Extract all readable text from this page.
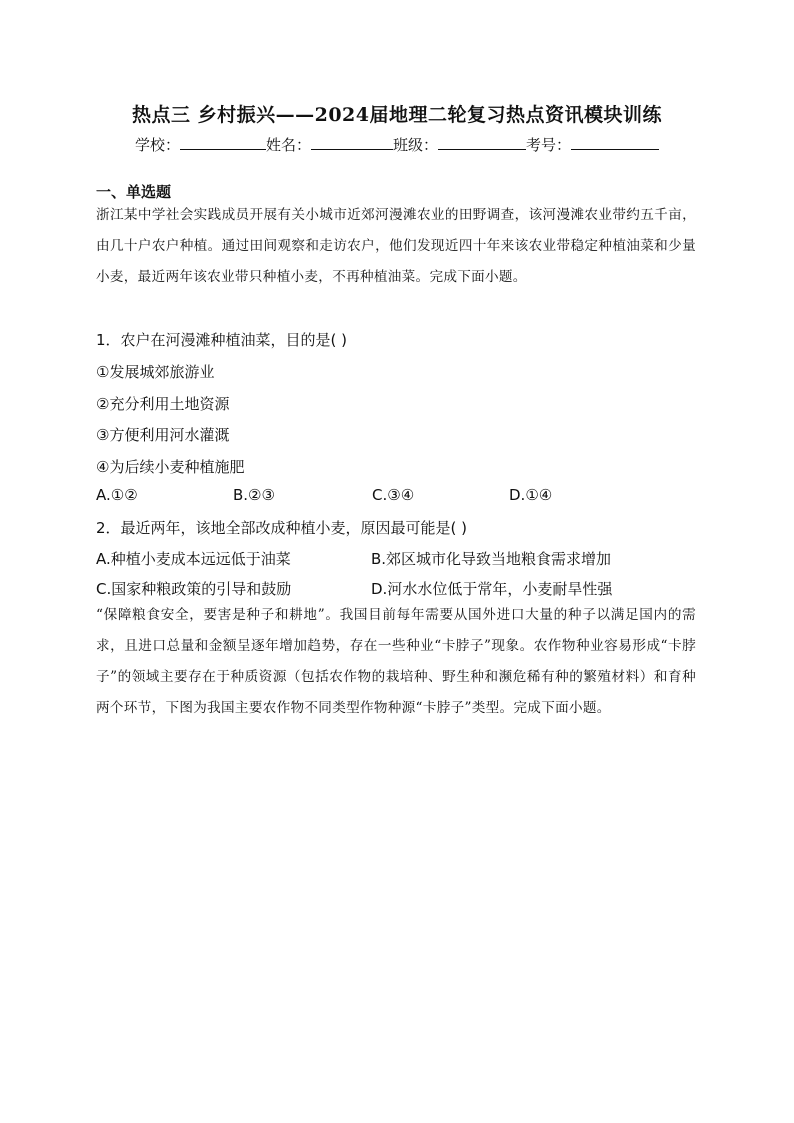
热点三 乡村振兴——2024届地理二轮复习热点资讯模块训练
学校：	姓名：	班级：	考号：
一、单选题

浙江某中学社会实践成员开展有关小城市近郊河漫滩农业的田野调查，该河漫滩农业带约五千亩，由几十户农户种植。通过田间观察和走访农户，他们发现近四十年来该农业带稳定种植油菜和少量小麦，最近两年该农业带只种植小麦，不再种植油菜。完成下面小题。

1．农户在河漫滩种植油菜，目的是( )
①发展城郊旅游业
②充分利用土地资源
③方便利用河水灌溉
④为后续小麦种植施肥
A.①②	B.②③	C.③④	D.①④
2．最近两年，该地全部改成种植小麦，原因最可能是( )
A.种植小麦成本远远低于油菜	B.郊区城市化导致当地粮食需求增加
C.国家种粮政策的引导和鼓励	D.河水水位低于常年，小麦耐旱性强

“保障粮食安全，要害是种子和耕地”。我国目前每年需要从国外进口大量的种子以满足国内的需求，且进口总量和金额呈逐年增加趋势，存在一些种业“卡脖子”现象。农作物种业容易形成“卡脖子”的领域主要存在于种质资源（包括农作物的栽培种、野生种和濒危稀有种的繁殖材料）和育种两个环节，下图为我国主要农作物不同类型作物种源“卡脖子”类型。完成下面小题。
